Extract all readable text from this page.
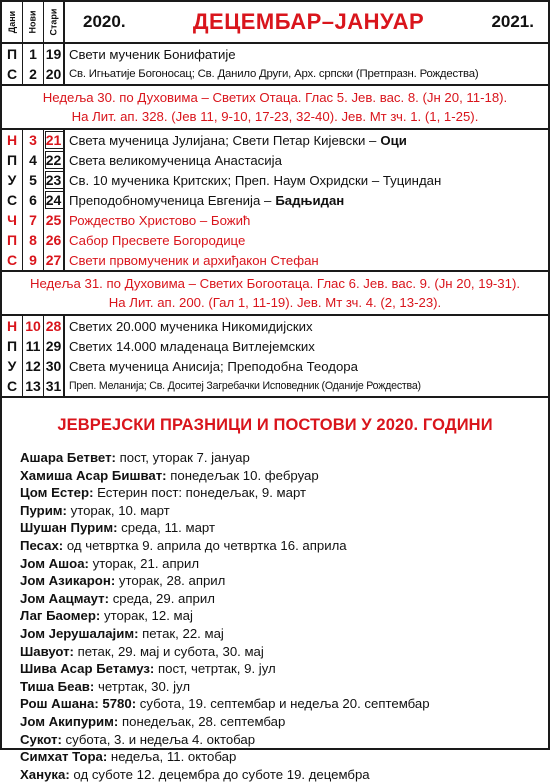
Дани Нови Стари 2020.	ДЕЦЕМБАР–ЈАНУАР	2021.
П 1 19 Свети мученик Бонифатије
С 2 20 Св. Игњатије Богоносац; Св. Данило Други, Арх. српски (Претпразн. Рождества)
Недеља 30. по Духовима – Светих Отаца. Глас 5. Јев. вас. 8. (Јн 20, 11-18).
На Лит. ап. 328. (Јев 11, 9-10, 17-23, 32-40). Јев. Мт зч. 1. (1, 1-25).
Н 3 21 Света мученица Јулијана; Свети Петар Кијевски – Оци
П 4 22 Света великомученица Анастасија
У 5 23 Св. 10 мученика Критских; Преп. Наум Охридски – Туциндан
С 6 24 Преподобномученица Евгенија – Бадњидан
Ч 7 25 Рождество Христово – Божић
П 8 26 Сабор Пресвете Богородице
С 9 27 Свети првомученик и архиђакон Стефан
Недеља 31. по Духовима – Светих Богоотаца. Глас 6. Јев. вас. 9. (Јн 20, 19-31).
На Лит. ап. 200. (Гал 1, 11-19). Јев. Мт зч. 4. (2, 13-23).
Н 10 28 Светих 20.000 мученика Никомидијских
П 11 29 Светих 14.000 младенаца Витлејемских
У 12 30 Света мученица Анисија; Преподобна Теодора
С 13 31 Преп. Меланија; Св. Доситеј Загребачки Исповедник (Оданије Рождества)
ЈЕВРЕЈСКИ ПРАЗНИЦИ И ПОСТОВИ У 2020. ГОДИНИ
Ашара Бетвет: пост, уторак 7. јануар
Хамиша Асар Бишват: понедељак 10. фебруар
Цом Естер: Естерин пост: понедељак, 9. март
Пурим: уторак, 10. март
Шушан Пурим: среда, 11. март
Песах: од четвртка 9. априла до четвртка 16. априла
Јом Ашоа: уторак, 21. април
Јом Азикарон: уторак, 28. април
Јом Аацмаут: среда, 29. април
Лаг Баомер: уторак, 12. мај
Јом Јерушалајим: петак, 22. мај
Шавуот: петак, 29. мај и субота, 30. мај
Шива Асар Бетамуз: пост, четртак, 9. јул
Тиша Беав: четртак, 30. јул
Рош Ашана: 5780: субота, 19. септембар и недеља 20. септембар
Јом Акипурим: понедељак, 28. септембар
Сукот: субота, 3. и недеља 4. октобар
Симхат Тора: недеља, 11. октобар
Ханука: од суботе 12. децембра до суботе 19. децембра
